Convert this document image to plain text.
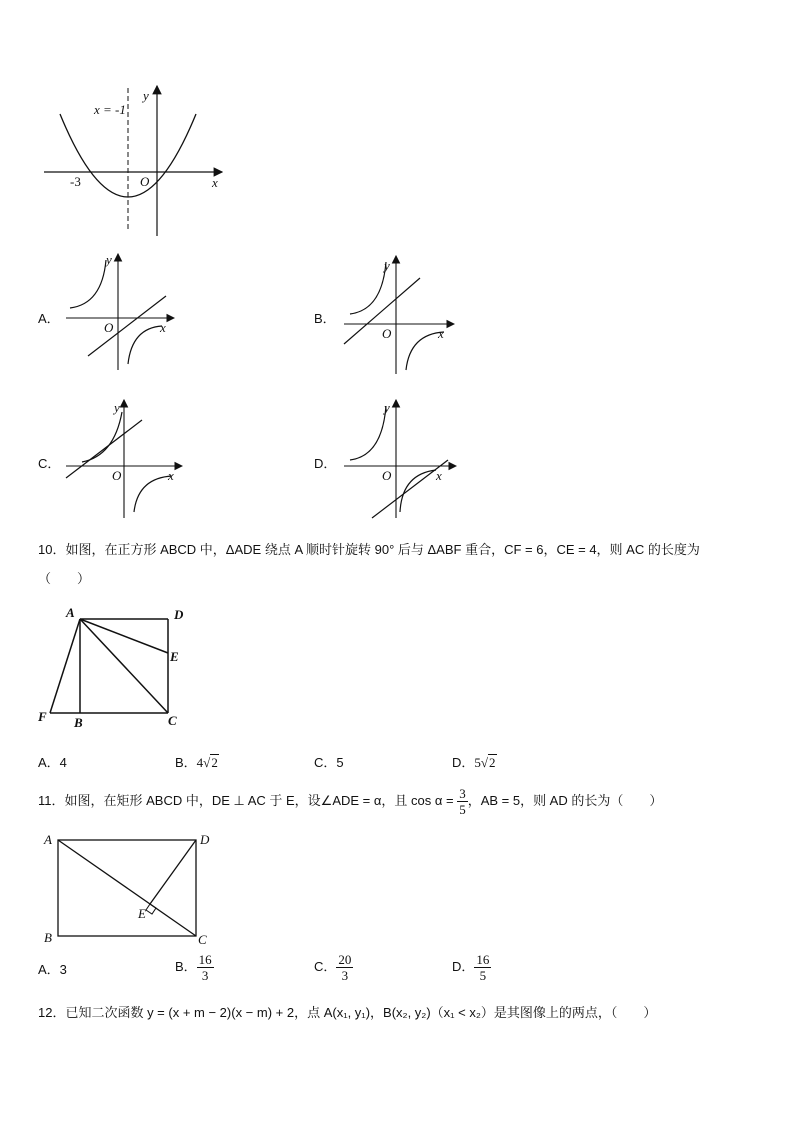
x = -1
y
x
O
-3
A．
y
x
O
B．
y
x
O
C．
y
x
O
D．
y
x
O
10．如图，在正方形 ABCD 中，ΔADE 绕点 A 顺时针旋转 90° 后与 ΔABF 重合，CF = 6，CE = 4，则 AC 的长度为
（　　）
A	D
E
C
B
F
A．4	B．4√2	C．5	D．5√2
11．如图，在矩形 ABCD 中，DE ⊥ AC 于 E，设∠ADE = α，且 $\cos \alpha = \frac{3}{5}$ ，AB = 5，则 AD 的长为（　　）
A	D
C
B
E
A．3	B． $\frac{16}{3}$	C． $\frac{20}{3}$	D． $\frac{16}{5}$
12．已知二次函数 y = (x + m − 2)(x − m) + 2，点 A(x₁, y₁)，B(x₂, y₂)（x₁ < x₂）是其图像上的两点，（　　）
